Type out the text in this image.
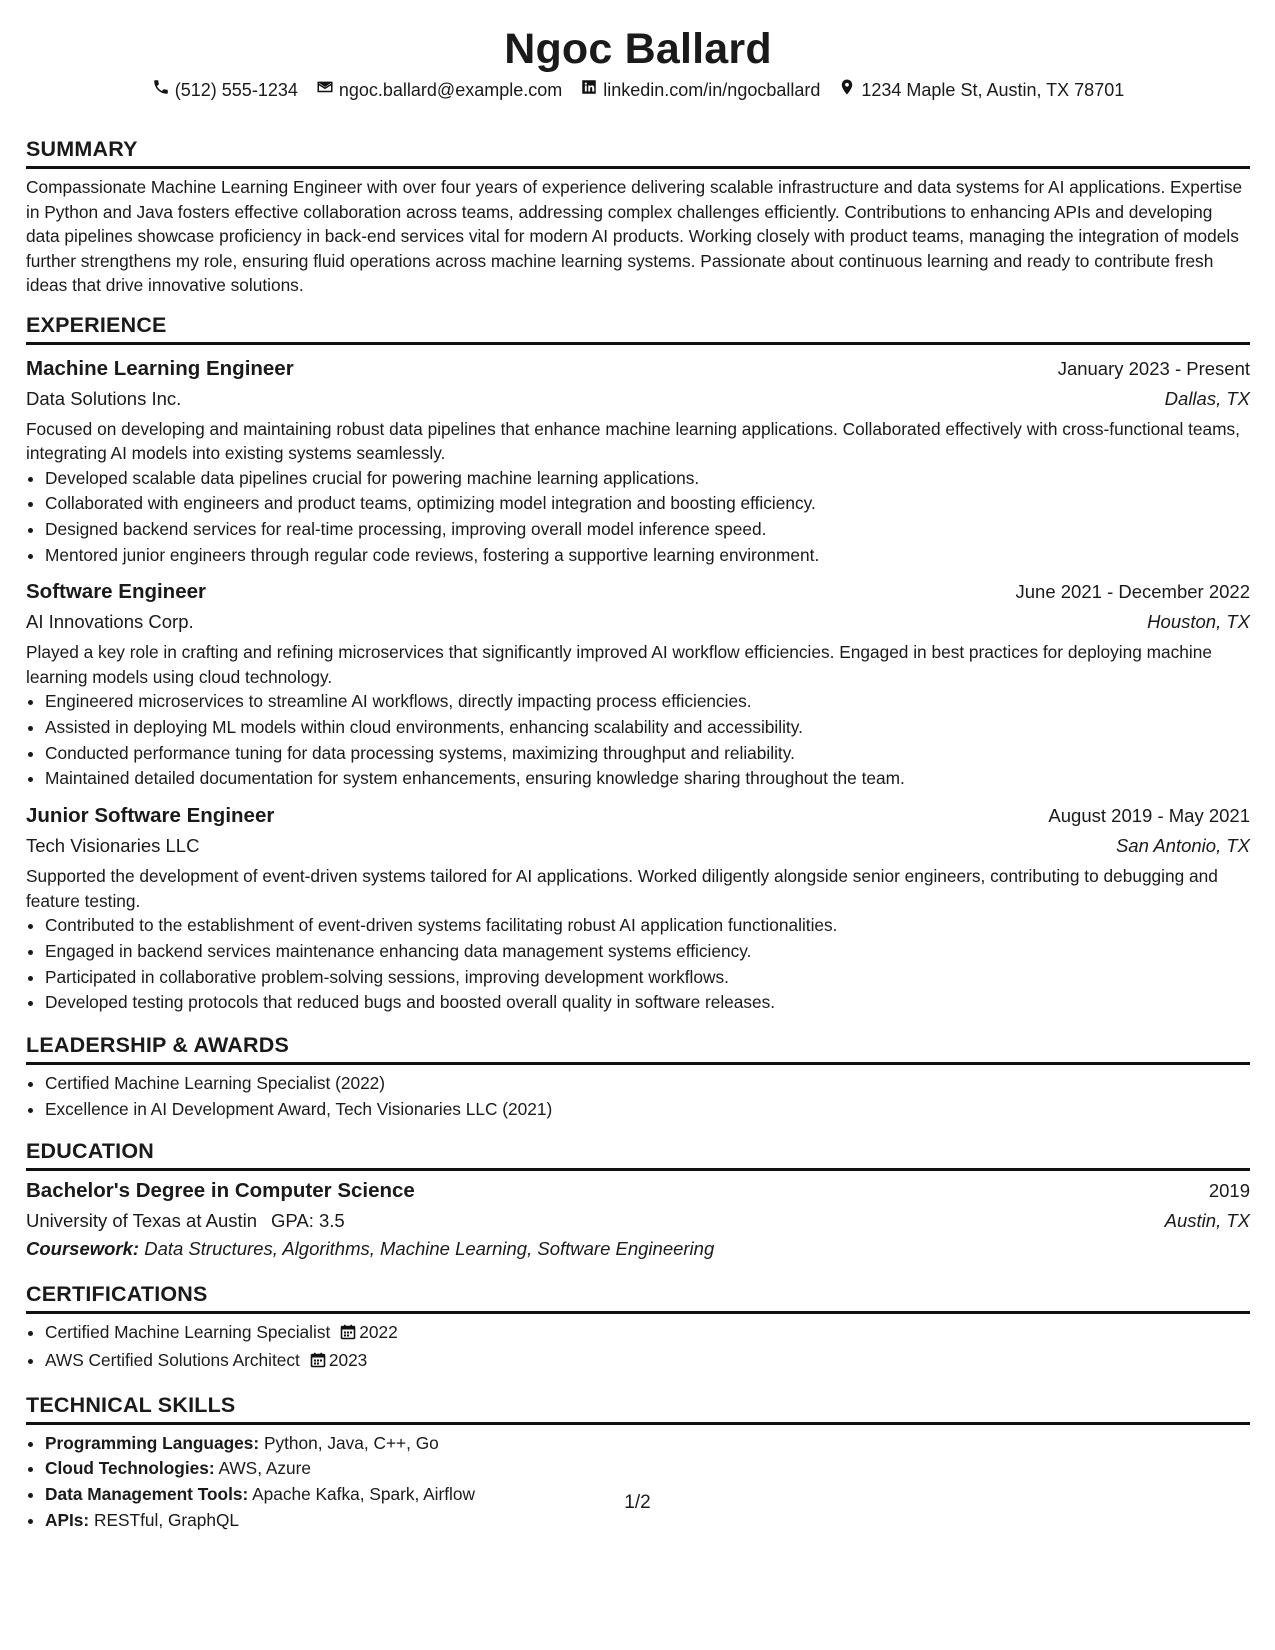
Ngoc Ballard
(512) 555-1234 ngoc.ballard@example.com linkedin.com/in/ngocballard 1234 Maple St, Austin, TX 78701
SUMMARY
Compassionate Machine Learning Engineer with over four years of experience delivering scalable infrastructure and data systems for AI applications. Expertise in Python and Java fosters effective collaboration across teams, addressing complex challenges efficiently. Contributions to enhancing APIs and developing data pipelines showcase proficiency in back-end services vital for modern AI products. Working closely with product teams, managing the integration of models further strengthens my role, ensuring fluid operations across machine learning systems. Passionate about continuous learning and ready to contribute fresh ideas that drive innovative solutions.
EXPERIENCE
Machine Learning Engineer	January 2023 - Present
Data Solutions Inc.	Dallas, TX
Focused on developing and maintaining robust data pipelines that enhance machine learning applications. Collaborated effectively with cross-functional teams, integrating AI models into existing systems seamlessly.
• Developed scalable data pipelines crucial for powering machine learning applications.
• Collaborated with engineers and product teams, optimizing model integration and boosting efficiency.
• Designed backend services for real-time processing, improving overall model inference speed.
• Mentored junior engineers through regular code reviews, fostering a supportive learning environment.
Software Engineer	June 2021 - December 2022
AI Innovations Corp.	Houston, TX
Played a key role in crafting and refining microservices that significantly improved AI workflow efficiencies. Engaged in best practices for deploying machine learning models using cloud technology.
• Engineered microservices to streamline AI workflows, directly impacting process efficiencies.
• Assisted in deploying ML models within cloud environments, enhancing scalability and accessibility.
• Conducted performance tuning for data processing systems, maximizing throughput and reliability.
• Maintained detailed documentation for system enhancements, ensuring knowledge sharing throughout the team.
Junior Software Engineer	August 2019 - May 2021
Tech Visionaries LLC	San Antonio, TX
Supported the development of event-driven systems tailored for AI applications. Worked diligently alongside senior engineers, contributing to debugging and feature testing.
• Contributed to the establishment of event-driven systems facilitating robust AI application functionalities.
• Engaged in backend services maintenance enhancing data management systems efficiency.
• Participated in collaborative problem-solving sessions, improving development workflows.
• Developed testing protocols that reduced bugs and boosted overall quality in software releases.
LEADERSHIP & AWARDS
• Certified Machine Learning Specialist (2022)
• Excellence in AI Development Award, Tech Visionaries LLC (2021)
EDUCATION
Bachelor's Degree in Computer Science	2019
University of Texas at Austin GPA: 3.5	Austin, TX
Coursework: Data Structures, Algorithms, Machine Learning, Software Engineering
CERTIFICATIONS
• Certified Machine Learning Specialist 2022
• AWS Certified Solutions Architect 2023
TECHNICAL SKILLS
• Programming Languages: Python, Java, C++, Go
• Cloud Technologies: AWS, Azure
• Data Management Tools: Apache Kafka, Spark, Airflow
• APIs: RESTful, GraphQL
1/2
